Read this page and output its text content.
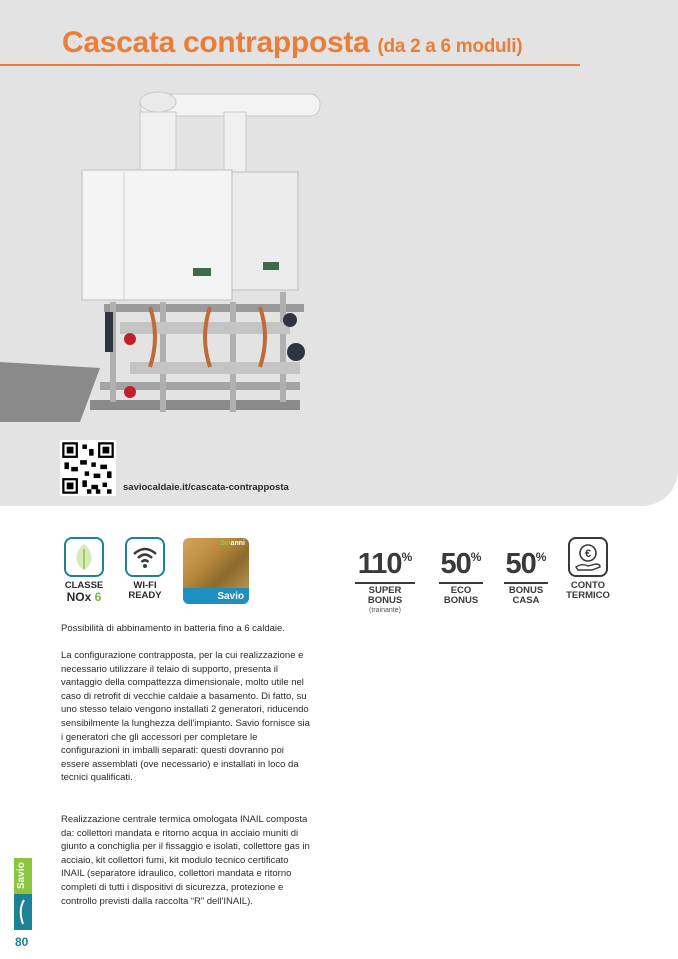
Cascata contrapposta (da 2 a 6 moduli)
saviocaldaie.it/cascata-contrapposta
CLASSE
NOx 6
WI-FI
READY
Seianni
Savio
110%
SUPER
BONUS
(trainante)
50%
ECO
BONUS
50%
BONUS
CASA
€
CONTO
TERMICO

Possibilità di abbinamento in batteria fino a 6 caldaie.

La configurazione contrapposta, per la cui realizzazione e necessario utilizzare il telaio di supporto, presenta il vantaggio della compattezza dimensionale, molto utile nel caso di retrofit di vecchie caldaie a basamento. Di fatto, su uno stesso telaio vengono installati 2 generatori, riducendo sensibilmente la lunghezza dell'impianto. Savio fornisce sia i generatori che gli accessori per completare le configurazioni in imballi separati: questi dovranno poi essere assemblati (ove necessario) e installati in loco da tecnici qualificati.

Realizzazione centrale termica omologata INAIL composta da: collettori mandata e ritorno acqua in acciaio muniti di giunto a conchiglia per il fissaggio e isolati, collettore gas in acciaio, kit collettori fumi, kit modulo tecnico certificato INAIL (separatore idraulico, collettori mandata e ritorno completi di tutti i dispositivi di sicurezza, protezione e controllo previsti dalla raccolta “R” dell'INAIL).

Savio
80
